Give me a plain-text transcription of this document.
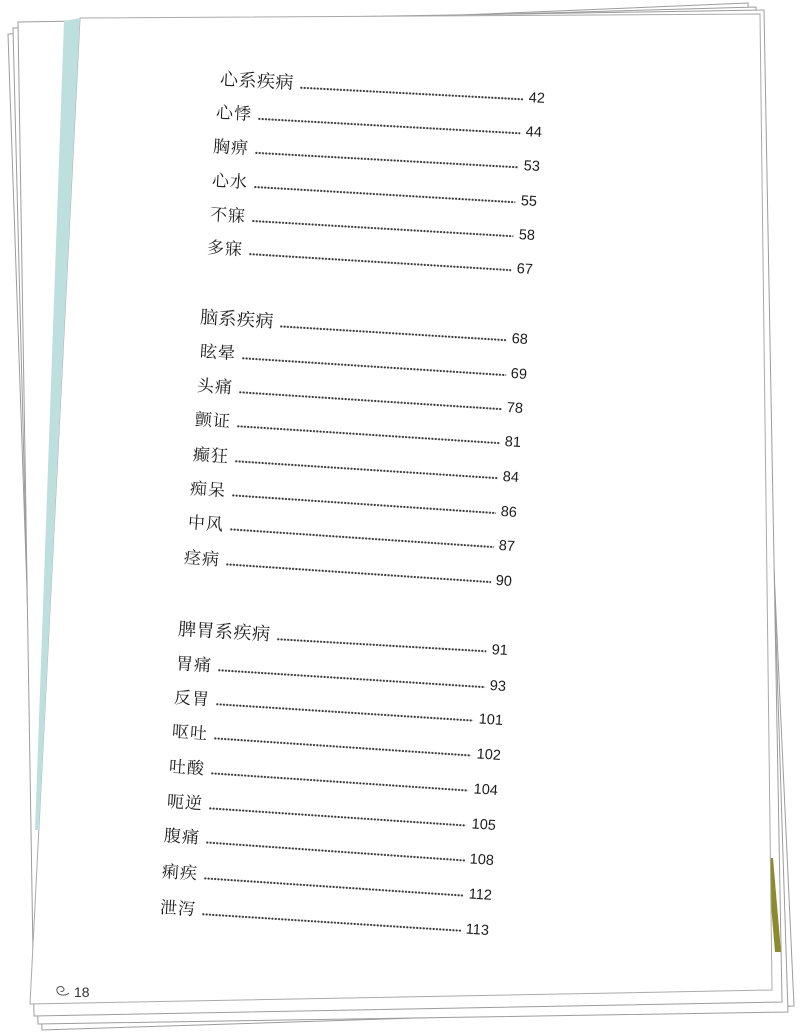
心系疾病
42
心悸
44
胸痹
53
心水
55
不寐
58
多寐
67
脑系疾病
68
眩晕
69
头痛
78
颤证
81
癫狂
84
痴呆
86
中风
87
痉病
90
脾胃系疾病
91
胃痛
93
反胃
101
呕吐
102
吐酸
104
呃逆
105
腹痛
108
痢疾
112
泄泻
113
18
